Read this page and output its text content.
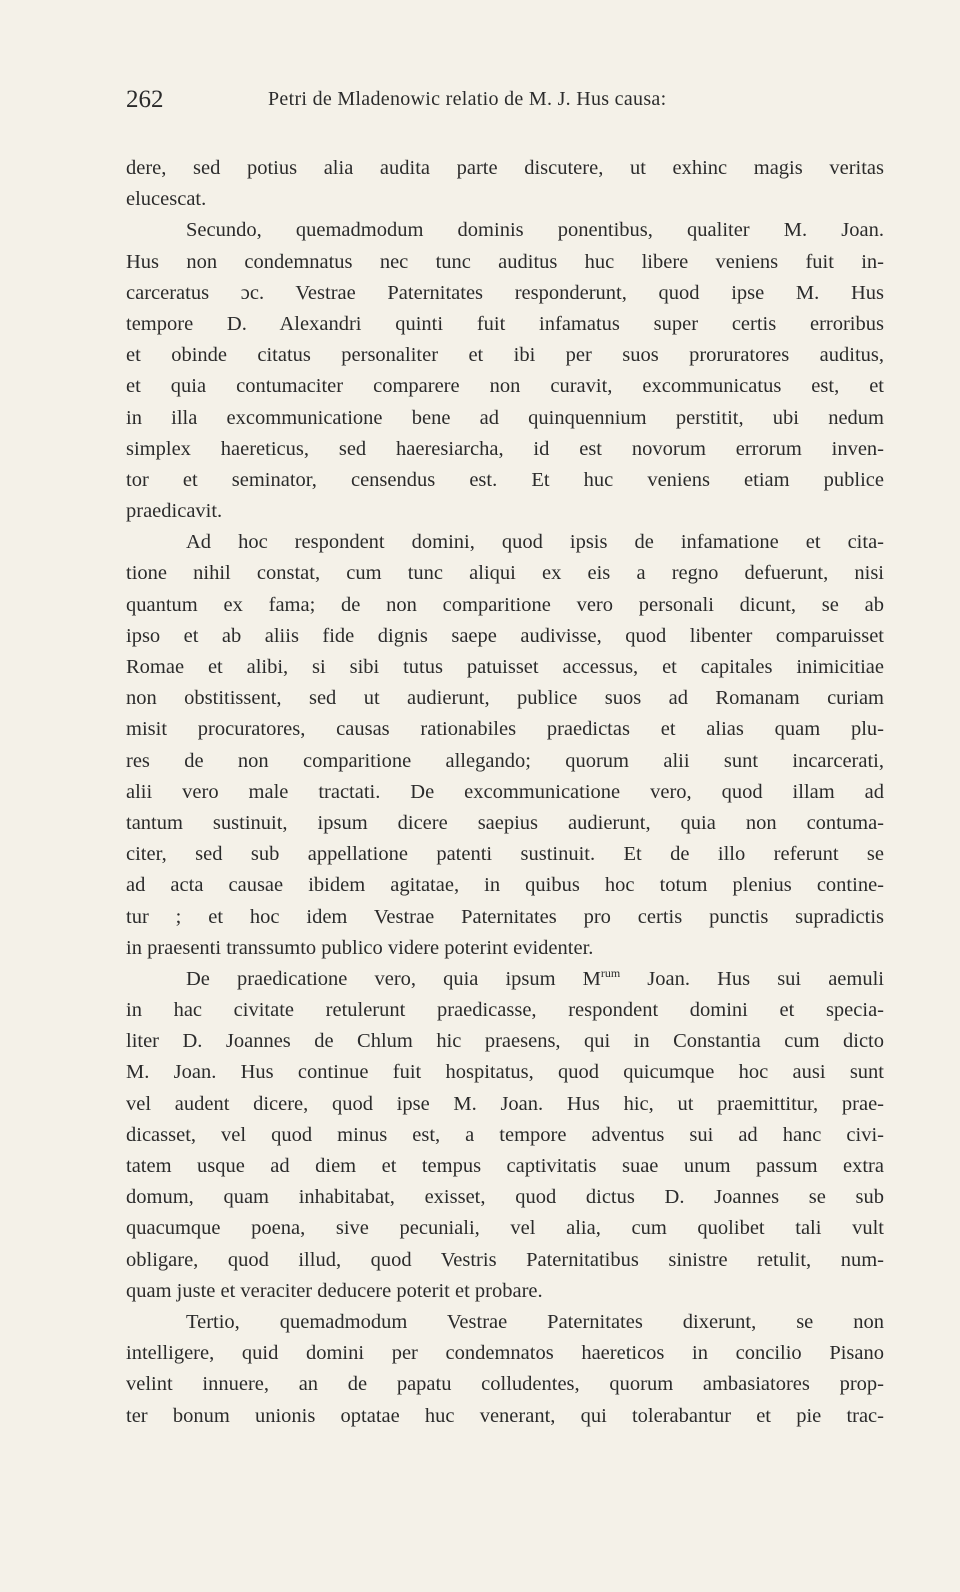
262	Petri de Mladenowic relatio de M. J. Hus causa:
dere, sed potius alia audita parte discutere, ut exhinc magis veritas
elucescat.
Secundo, quemadmodum dominis ponentibus, qualiter M. Joan.
Hus non condemnatus nec tunc auditus huc libere veniens fuit in-
carceratus ɔc. Vestrae Paternitates responderunt, quod ipse M. Hus
tempore D. Alexandri quinti fuit infamatus super certis erroribus
et obinde citatus personaliter et ibi per suos proruratores auditus,
et quia contumaciter comparere non curavit, excommunicatus est, et
in illa excommunicatione bene ad quinquennium perstitit, ubi nedum
simplex haereticus, sed haeresiarcha, id est novorum errorum inven-
tor et seminator, censendus est. Et huc veniens etiam publice
praedicavit.
Ad hoc respondent domini, quod ipsis de infamatione et cita-
tione nihil constat, cum tunc aliqui ex eis a regno defuerunt, nisi
quantum ex fama; de non comparitione vero personali dicunt, se ab
ipso et ab aliis fide dignis saepe audivisse, quod libenter comparuisset
Romae et alibi, si sibi tutus patuisset accessus, et capitales inimicitiae
non obstitissent, sed ut audierunt, publice suos ad Romanam curiam
misit procuratores, causas rationabiles praedictas et alias quam plu-
res de non comparitione allegando; quorum alii sunt incarcerati,
alii vero male tractati. De excommunicatione vero, quod illam ad
tantum sustinuit, ipsum dicere saepius audierunt, quia non contuma-
citer, sed sub appellatione patenti sustinuit. Et de illo referunt se
ad acta causae ibidem agitatae, in quibus hoc totum plenius contine-
tur ; et hoc idem Vestrae Paternitates pro certis punctis supradictis
in praesenti transsumto publico videre poterint evidenter.
De praedicatione vero, quia ipsum $M^{rum}$ Joan. Hus sui aemuli
in hac civitate retulerunt praedicasse, respondent domini et specia-
liter D. Joannes de Chlum hic praesens, qui in Constantia cum dicto
M. Joan. Hus continue fuit hospitatus, quod quicumque hoc ausi sunt
vel audent dicere, quod ipse M. Joan. Hus hic, ut praemittitur, prae-
dicasset, vel quod minus est, a tempore adventus sui ad hanc civi-
tatem usque ad diem et tempus captivitatis suae unum passum extra
domum, quam inhabitabat, exisset, quod dictus D. Joannes se sub
quacumque poena, sive pecuniali, vel alia, cum quolibet tali vult
obligare, quod illud, quod Vestris Paternitatibus sinistre retulit, num-
quam juste et veraciter deducere poterit et probare.
Tertio, quemadmodum Vestrae Paternitates dixerunt, se non
intelligere, quid domini per condemnatos haereticos in concilio Pisano
velint innuere, an de papatu colludentes, quorum ambasiatores prop-
ter bonum unionis optatae huc venerant, qui tolerabantur et pie trac-
